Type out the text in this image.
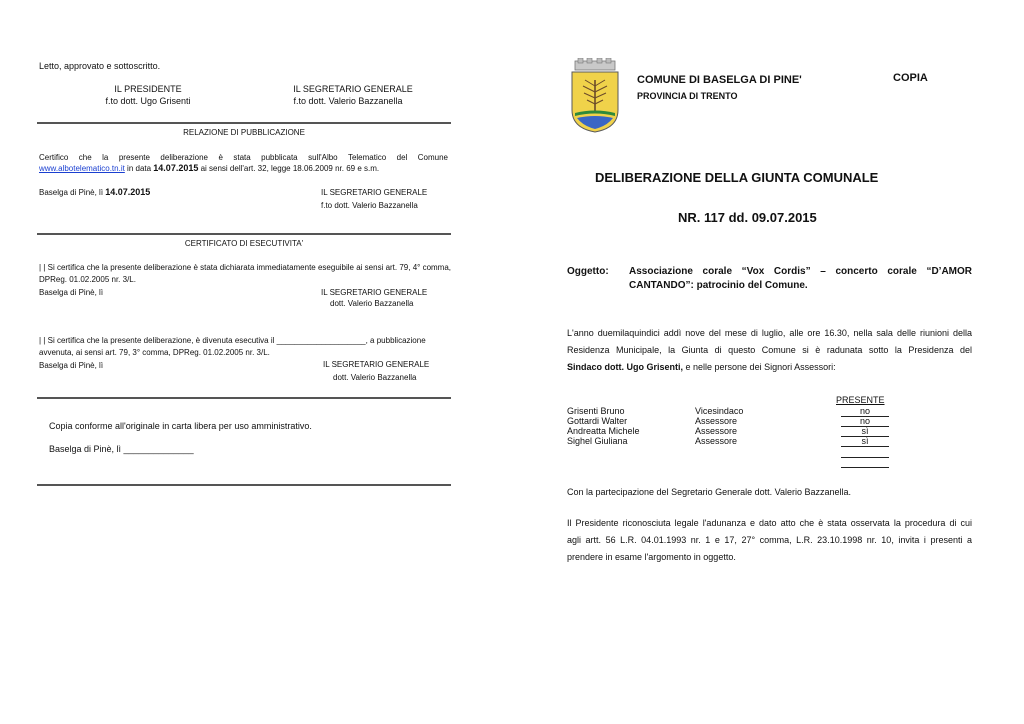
Letto, approvato e sottoscritto.
IL PRESIDENTE
f.to dott. Ugo Grisenti
IL SEGRETARIO GENERALE
f.to dott. Valerio Bazzanella
RELAZIONE DI PUBBLICAZIONE
Certifico che la presente deliberazione è stata pubblicata sull'Albo Telematico del Comune
www.albotelematico.tn.it in data 14.07.2015 ai sensi dell'art. 32, legge 18.06.2009 nr. 69 e s.m.
Baselga di Pinè, lì 14.07.2015	IL SEGRETARIO GENERALE
f.to dott. Valerio Bazzanella
CERTIFICATO DI ESECUTIVITA'
| | Si certifica che la presente deliberazione è stata dichiarata immediatamente eseguibile ai sensi art. 79, 4° comma,
DPReg. 01.02.2005 nr. 3/L.
Baselga di Pinè, lì	IL SEGRETARIO GENERALE
dott. Valerio Bazzanella
| | Si certifica che la presente deliberazione, è divenuta esecutiva il ____________________, a pubblicazione
avvenuta, ai sensi art. 79, 3° comma, DPReg. 01.02.2005 nr. 3/L.
Baselga di Pinè, lì	IL SEGRETARIO GENERALE
dott. Valerio Bazzanella
Copia conforme all'originale in carta libera per uso amministrativo.
Baselga di Pinè, lì ______________
COMUNE DI BASELGA DI PINE'
PROVINCIA DI TRENTO
COPIA
DELIBERAZIONE DELLA GIUNTA COMUNALE
NR. 117 dd. 09.07.2015
Oggetto: Associazione corale “Vox Cordis” – concerto corale “D’AMOR
CANTANDO”: patrocinio del Comune.
L'anno duemilaquindici addì nove del mese di luglio, alle ore 16.30, nella sala delle riunioni della
Residenza Municipale, la Giunta di questo Comune si è radunata sotto la Presidenza del
Sindaco dott. Ugo Grisenti, e nelle persone dei Signori Assessori:
PRESENTE
Grisenti Bruno	Vicesindaco	no
Gottardi Walter	Assessore	no
Andreatta Michele	Assessore	sì
Sighel Giuliana	Assessore	sì
Con la partecipazione del Segretario Generale dott. Valerio Bazzanella.
Il Presidente riconosciuta legale l'adunanza e dato atto che è stata osservata la procedura di cui
agli artt. 56 L.R. 04.01.1993 nr. 1 e 17, 27° comma, L.R. 23.10.1998 nr. 10, invita i presenti a
prendere in esame l'argomento in oggetto.
